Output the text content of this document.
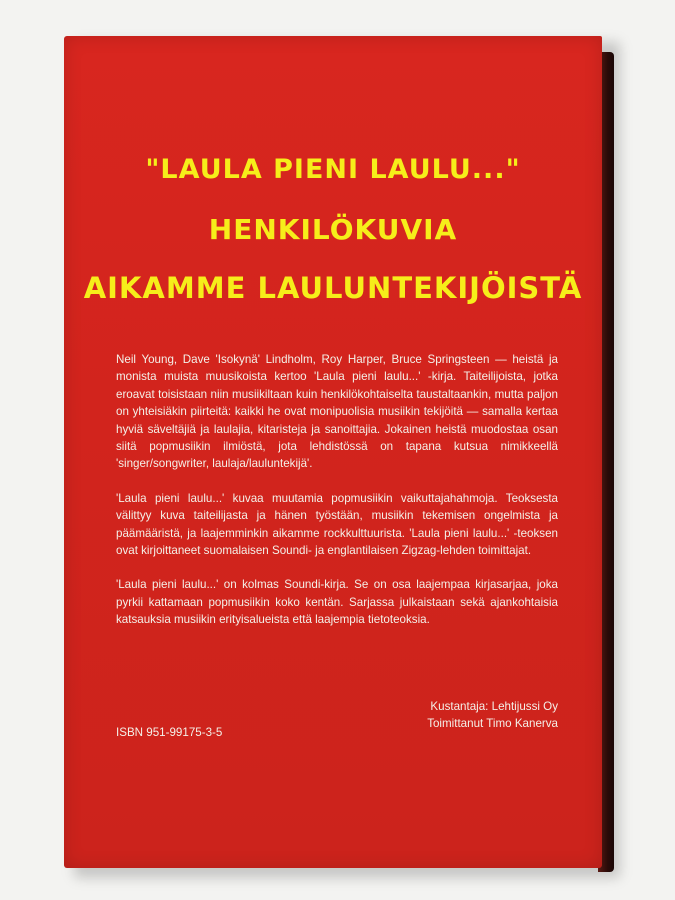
"LAULA PIENI LAULU..."
HENKILÖKUVIA
AIKAMME LAULUNTEKIJÖISTÄ

Neil Young, Dave 'Isokynä' Lindholm, Roy Harper, Bruce Springsteen — heistä ja monista muista muusikoista kertoo 'Laula pieni laulu...' -kirja. Taiteilijoista, jotka eroavat toisistaan niin musiikiltaan kuin henkilökohtaiselta taustaltaankin, mutta paljon on yhteisiäkin piirteitä: kaikki he ovat monipuolisia musiikin tekijöitä — samalla kertaa hyviä säveltäjiä ja laulajia, kitaristeja ja sanoittajia. Jokainen heistä muodostaa osan siitä popmusiikin ilmiöstä, jota lehdistössä on tapana kutsua nimikkeellä 'singer/songwriter, laulaja/lauluntekijä'.

'Laula pieni laulu...' kuvaa muutamia popmusiikin vaikuttajahahmoja. Teoksesta välittyy kuva taiteilijasta ja hänen työstään, musiikin tekemisen ongelmista ja päämääristä, ja laajemminkin aikamme rockkulttuurista. 'Laula pieni laulu...' -teoksen ovat kirjoittaneet suomalaisen Soundi- ja englantilaisen Zigzag-lehden toimittajat.

'Laula pieni laulu...' on kolmas Soundi-kirja. Se on osa laajempaa kirjasarjaa, joka pyrkii kattamaan popmusiikin koko kentän. Sarjassa julkaistaan sekä ajankohtaisia katsauksia musiikin erityisalueista että laajempia tietoteoksia.

Kustantaja: Lehtijussi Oy
Toimittanut Timo Kanerva
ISBN 951-99175-3-5
